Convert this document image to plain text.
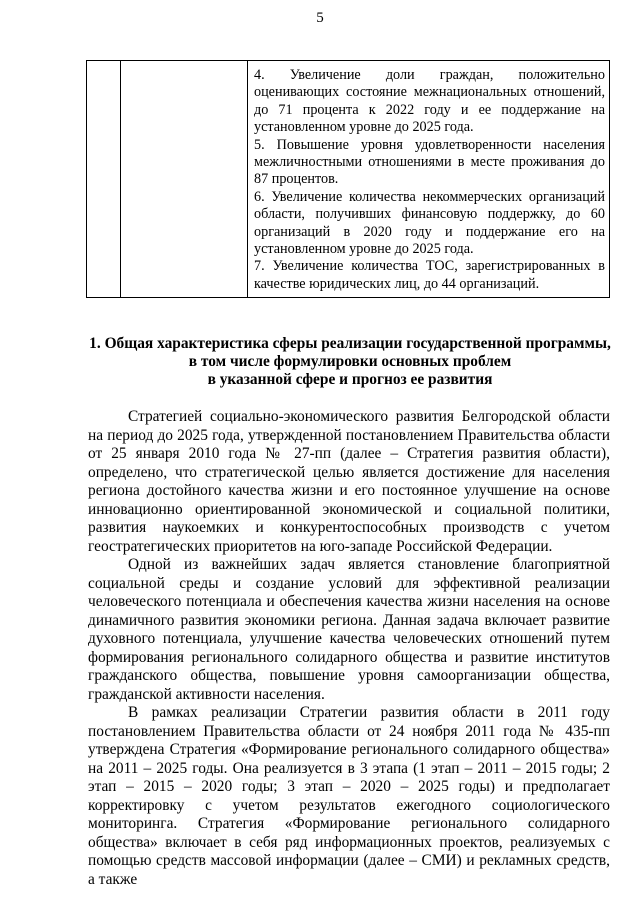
5

4. Увеличение доли граждан, положительно оценивающих состояние межнациональных отношений, до 71 процента к 2022 году и ее поддержание на установленном уровне до 2025 года.
5. Повышение уровня удовлетворенности населения межличностными отношениями в месте проживания до 87 процентов.
6. Увеличение количества некоммерческих организаций области, получивших финансовую поддержку, до 60 организаций в 2020 году и поддержание его на установленном уровне до 2025 года.
7. Увеличение количества ТОС, зарегистрированных в качестве юридических лиц, до 44 организаций.
1. Общая характеристика сферы реализации государственной программы,
в том числе формулировки основных проблем
в указанной сфере и прогноз ее развития

Стратегией социально-экономического развития Белгородской области на период до 2025 года, утвержденной постановлением Правительства области от 25 января 2010 года № 27-пп (далее – Стратегия развития области), определено, что стратегической целью является достижение для населения региона достойного качества жизни и его постоянное улучшение на основе инновационно ориентированной экономической и социальной политики, развития наукоемких и конкурентоспособных производств с учетом геостратегических приоритетов на юго-западе Российской Федерации.

Одной из важнейших задач является становление благоприятной социальной среды и создание условий для эффективной реализации человеческого потенциала и обеспечения качества жизни населения на основе динамичного развития экономики региона. Данная задача включает развитие духовного потенциала, улучшение качества человеческих отношений путем формирования регионального солидарного общества и развитие институтов гражданского общества, повышение уровня самоорганизации общества, гражданской активности населения.

В рамках реализации Стратегии развития области в 2011 году постановлением Правительства области от 24 ноября 2011 года № 435-пп утверждена Стратегия «Формирование регионального солидарного общества» на 2011 – 2025 годы. Она реализуется в 3 этапа (1 этап – 2011 – 2015 годы; 2 этап – 2015 – 2020 годы; 3 этап – 2020 – 2025 годы) и предполагает корректировку с учетом результатов ежегодного социологического мониторинга. Стратегия «Формирование регионального солидарного общества» включает в себя ряд информационных проектов, реализуемых с помощью средств массовой информации (далее – СМИ) и рекламных средств, а также
